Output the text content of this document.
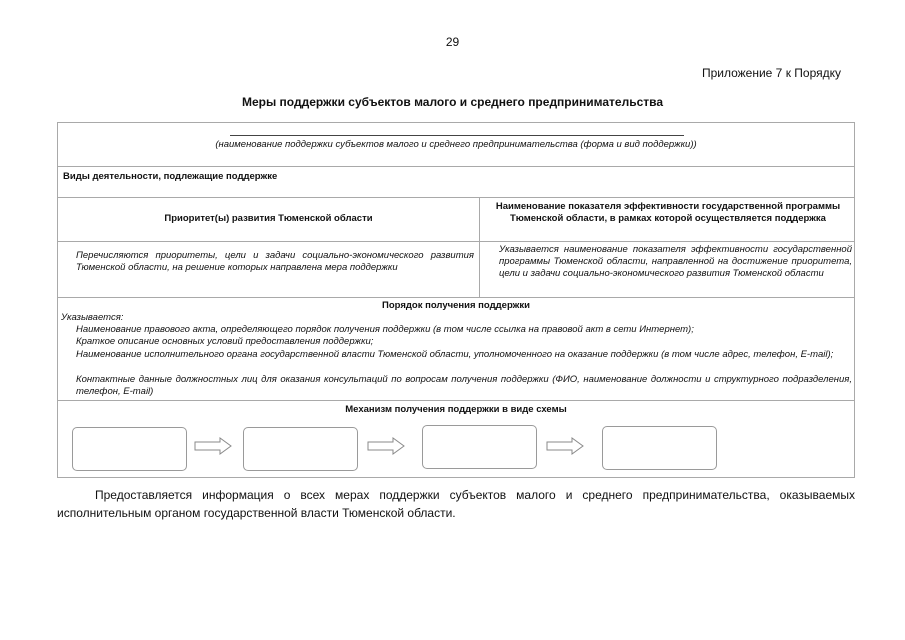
29
Приложение 7 к Порядку
Меры поддержки субъектов малого и среднего предпринимательства
(наименование поддержки субъектов малого и среднего предпринимательства (форма и вид поддержки))
Виды деятельности, подлежащие поддержке
Приоритет(ы) развития Тюменской области
Наименование показателя эффективности государственной программы Тюменской области, в рамках которой осуществляется поддержка
Перечисляются приоритеты, цели и задачи социально-экономического развития Тюменской области, на решение которых направлена мера поддержки
Указывается наименование показателя эффективности государственной программы Тюменской области, направленной на достижение приоритета, цели и задачи социально-экономического развития Тюменской области
Порядок получения поддержки
Указывается:
Наименование правового акта, определяющего порядок получения поддержки (в том числе ссылка на правовой акт в сети Интернет);
Краткое описание основных условий предоставления поддержки;
Наименование исполнительного органа государственной власти Тюменской области, уполномоченного на оказание поддержки (в том числе адрес, телефон, E-mail);
Контактные данные должностных лиц для оказания консультаций по вопросам получения поддержки (ФИО, наименование должности и структурного подразделения, телефон, E-mail)
Механизм получения поддержки в виде схемы
Предоставляется информация о всех мерах поддержки субъектов малого и среднего предпринимательства, оказываемых исполнительным органом государственной власти Тюменской области.
